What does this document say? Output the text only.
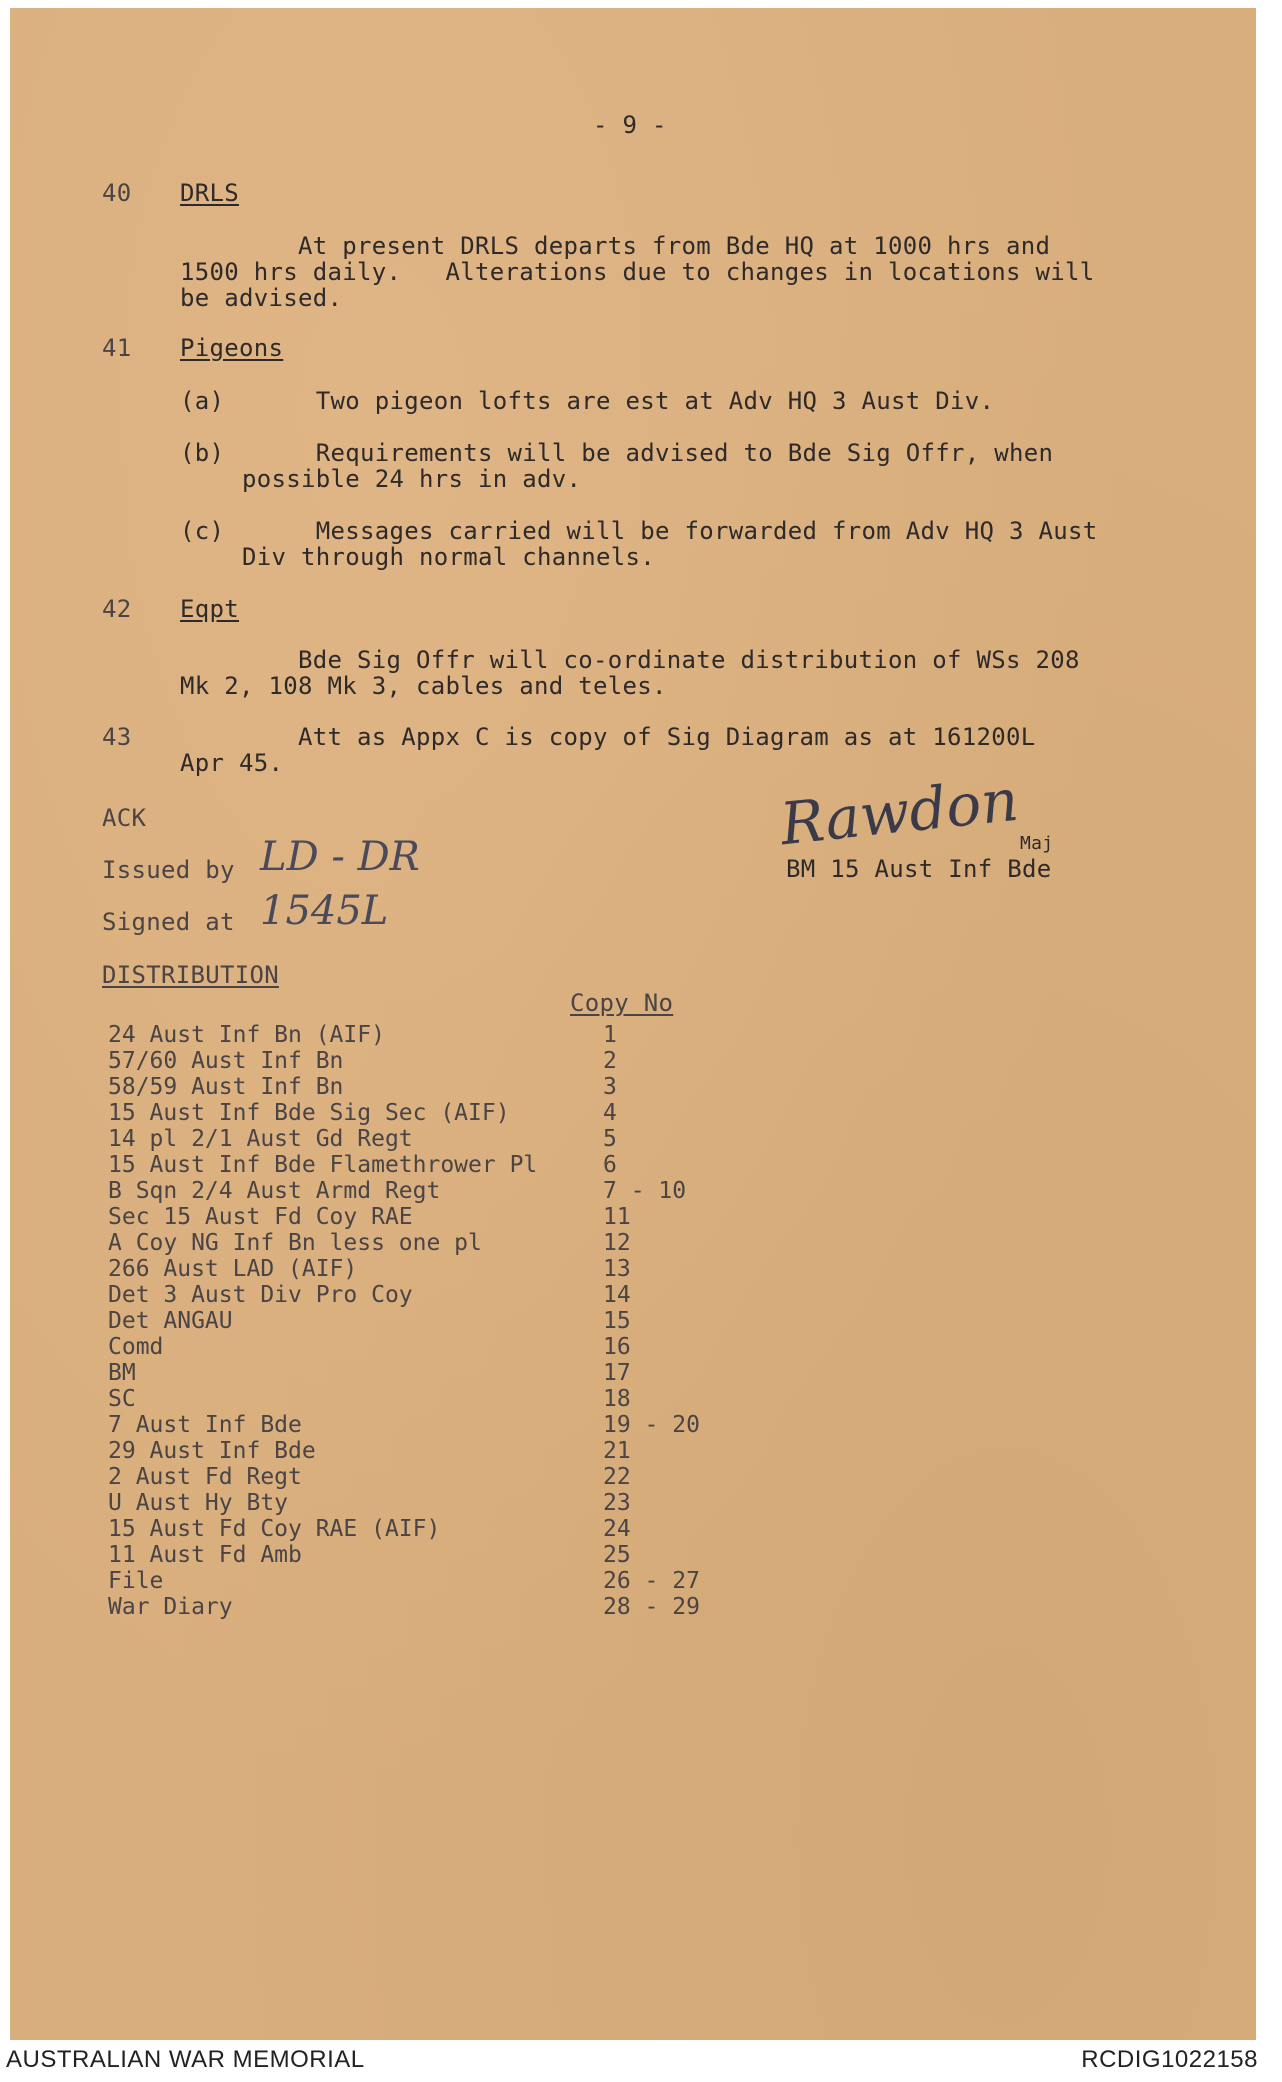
- 9 -
40 DRLS
At present DRLS departs from Bde HQ at 1000 hrs and
1500 hrs daily.   Alterations due to changes in locations will
be advised.
41 Pigeons
(a) Two pigeon lofts are est at Adv HQ 3 Aust Div.
(b) Requirements will be advised to Bde Sig Offr, when
possible 24 hrs in adv.
(c) Messages carried will be forwarded from Adv HQ 3 Aust
Div through normal channels.
42 Eqpt
Bde Sig Offr will co-ordinate distribution of WSs 208
Mk 2, 108 Mk 3, cables and teles.
43 Att as Appx C is copy of Sig Diagram as at 161200L
Apr 45.
ACK
Issued by LD - DR
Signed at 1545L
Rawdon
Maj
BM 15 Aust Inf Bde
DISTRIBUTION
Copy No
24 Aust Inf Bn (AIF)	1
57/60 Aust Inf Bn	2
58/59 Aust Inf Bn	3
15 Aust Inf Bde Sig Sec (AIF)	4
14 pl 2/1 Aust Gd Regt	5
15 Aust Inf Bde Flamethrower Pl	6
B Sqn 2/4 Aust Armd Regt	7 - 10
Sec 15 Aust Fd Coy RAE	11
A Coy NG Inf Bn less one pl	12
266 Aust LAD (AIF)	13
Det 3 Aust Div Pro Coy	14
Det ANGAU	15
Comd	16
BM	17
SC	18
7 Aust Inf Bde	19 - 20
29 Aust Inf Bde	21
2 Aust Fd Regt	22
U Aust Hy Bty	23
15 Aust Fd Coy RAE (AIF)	24
11 Aust Fd Amb	25
File	26 - 27
War Diary	28 - 29
AUSTRALIAN WAR MEMORIAL	RCDIG1022158
